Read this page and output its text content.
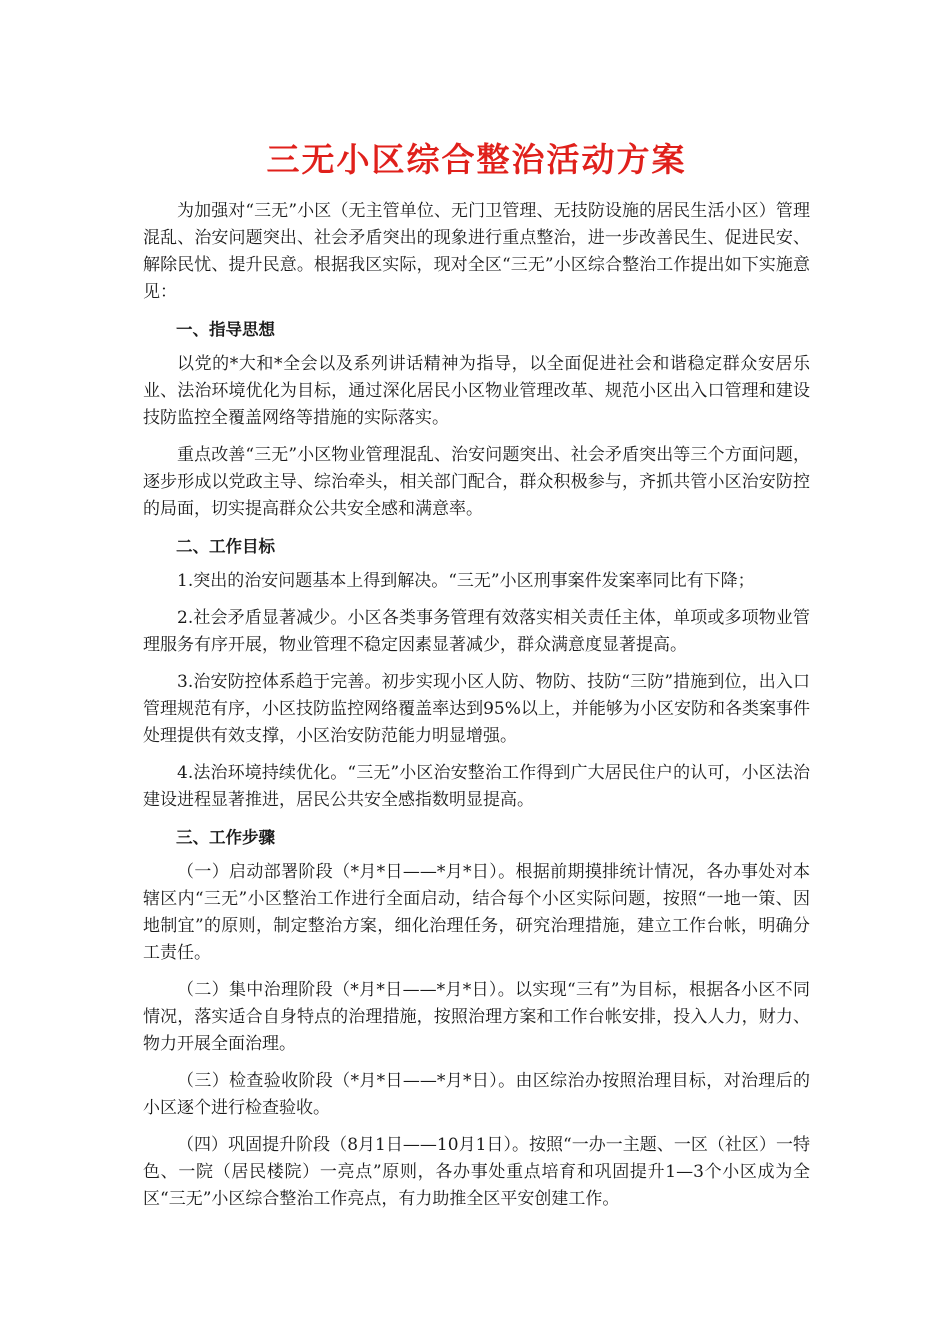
三无小区综合整治活动方案

为加强对“三无”小区（无主管单位、无门卫管理、无技防设施的居民生活小区）管理混乱、治安问题突出、社会矛盾突出的现象进行重点整治，进一步改善民生、促进民安、解除民忧、提升民意。根据我区实际，现对全区“三无”小区综合整治工作提出如下实施意见：

一、指导思想

以党的*大和*全会以及系列讲话精神为指导，以全面促进社会和谐稳定群众安居乐业、法治环境优化为目标，通过深化居民小区物业管理改革、规范小区出入口管理和建设技防监控全覆盖网络等措施的实际落实。

重点改善“三无”小区物业管理混乱、治安问题突出、社会矛盾突出等三个方面问题，逐步形成以党政主导、综治牵头，相关部门配合，群众积极参与，齐抓共管小区治安防控的局面，切实提高群众公共安全感和满意率。

二、工作目标

1.突出的治安问题基本上得到解决。“三无”小区刑事案件发案率同比有下降；

2.社会矛盾显著减少。小区各类事务管理有效落实相关责任主体，单项或多项物业管理服务有序开展，物业管理不稳定因素显著减少，群众满意度显著提高。

3.治安防控体系趋于完善。初步实现小区人防、物防、技防“三防”措施到位，出入口管理规范有序，小区技防监控网络覆盖率达到95%以上，并能够为小区安防和各类案事件处理提供有效支撑，小区治安防范能力明显增强。

4.法治环境持续优化。“三无”小区治安整治工作得到广大居民住户的认可，小区法治建设进程显著推进，居民公共安全感指数明显提高。

三、工作步骤

（一）启动部署阶段（*月*日——*月*日）。根据前期摸排统计情况，各办事处对本辖区内“三无”小区整治工作进行全面启动，结合每个小区实际问题，按照“一地一策、因地制宜”的原则，制定整治方案，细化治理任务，研究治理措施，建立工作台帐，明确分工责任。

（二）集中治理阶段（*月*日——*月*日）。以实现“三有”为目标，根据各小区不同情况，落实适合自身特点的治理措施，按照治理方案和工作台帐安排，投入人力，财力、物力开展全面治理。

（三）检查验收阶段（*月*日——*月*日）。由区综治办按照治理目标，对治理后的小区逐个进行检查验收。

（四）巩固提升阶段（8月1日——10月1日）。按照“一办一主题、一区（社区）一特色、一院（居民楼院）一亮点”原则，各办事处重点培育和巩固提升1—3个小区成为全区“三无”小区综合整治工作亮点，有力助推全区平安创建工作。
